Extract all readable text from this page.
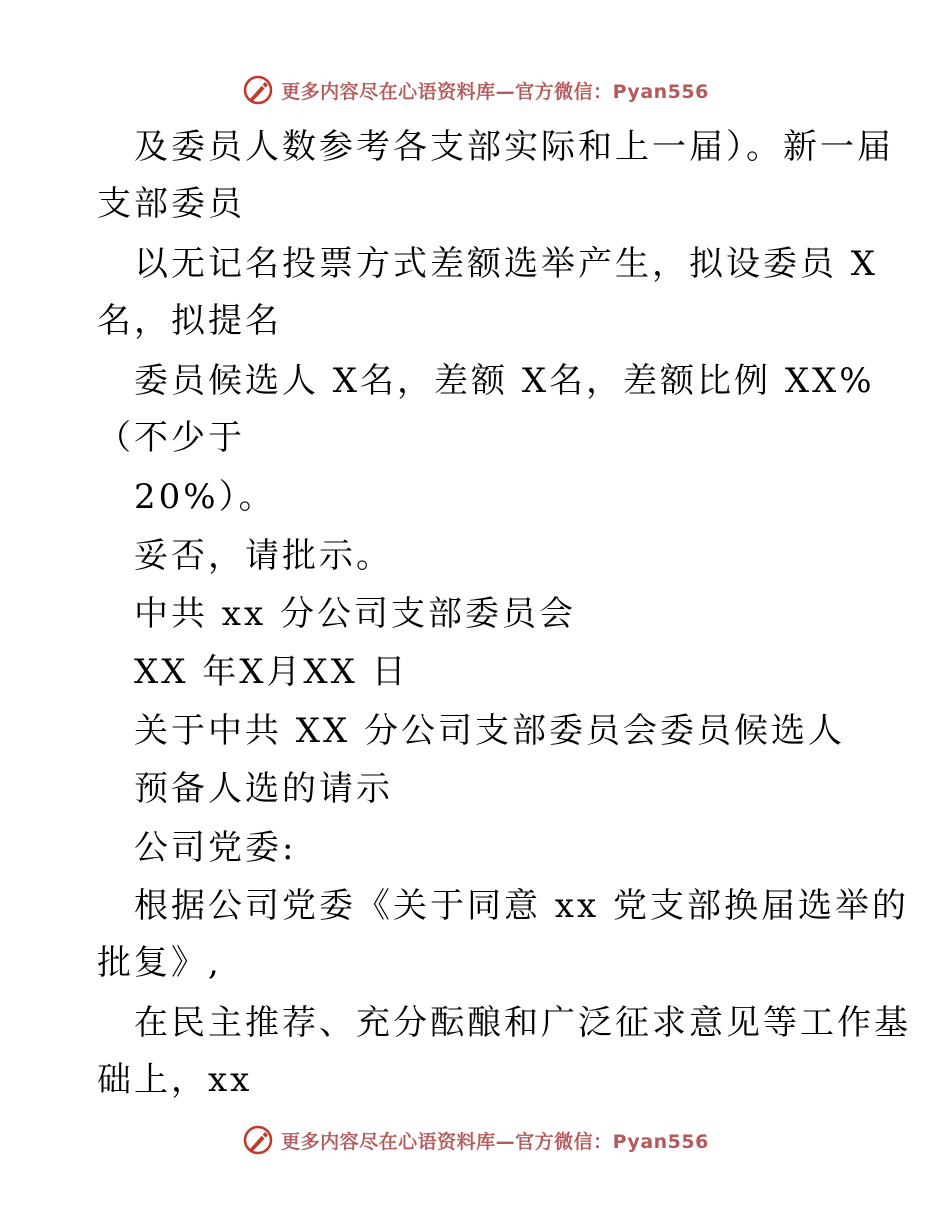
更多内容尽在心语资料库—官方微信：Pyan556
及委员人数参考各支部实际和上一届）。新一届
支部委员
以无记名投票方式差额选举产生，拟设委员 X
名，拟提名
委员候选人 X名，差额 X名，差额比例 XX%
（不少于
20%）。
妥否，请批示。
中共 xx 分公司支部委员会
XX 年X月XX 日
关于中共 XX 分公司支部委员会委员候选人
预备人选的请示
公司党委:
根据公司党委《关于同意 xx 党支部换届选举的
批复》,
在民主推荐、充分酝酿和广泛征求意见等工作基
础上，xx
更多内容尽在心语资料库—官方微信：Pyan556
